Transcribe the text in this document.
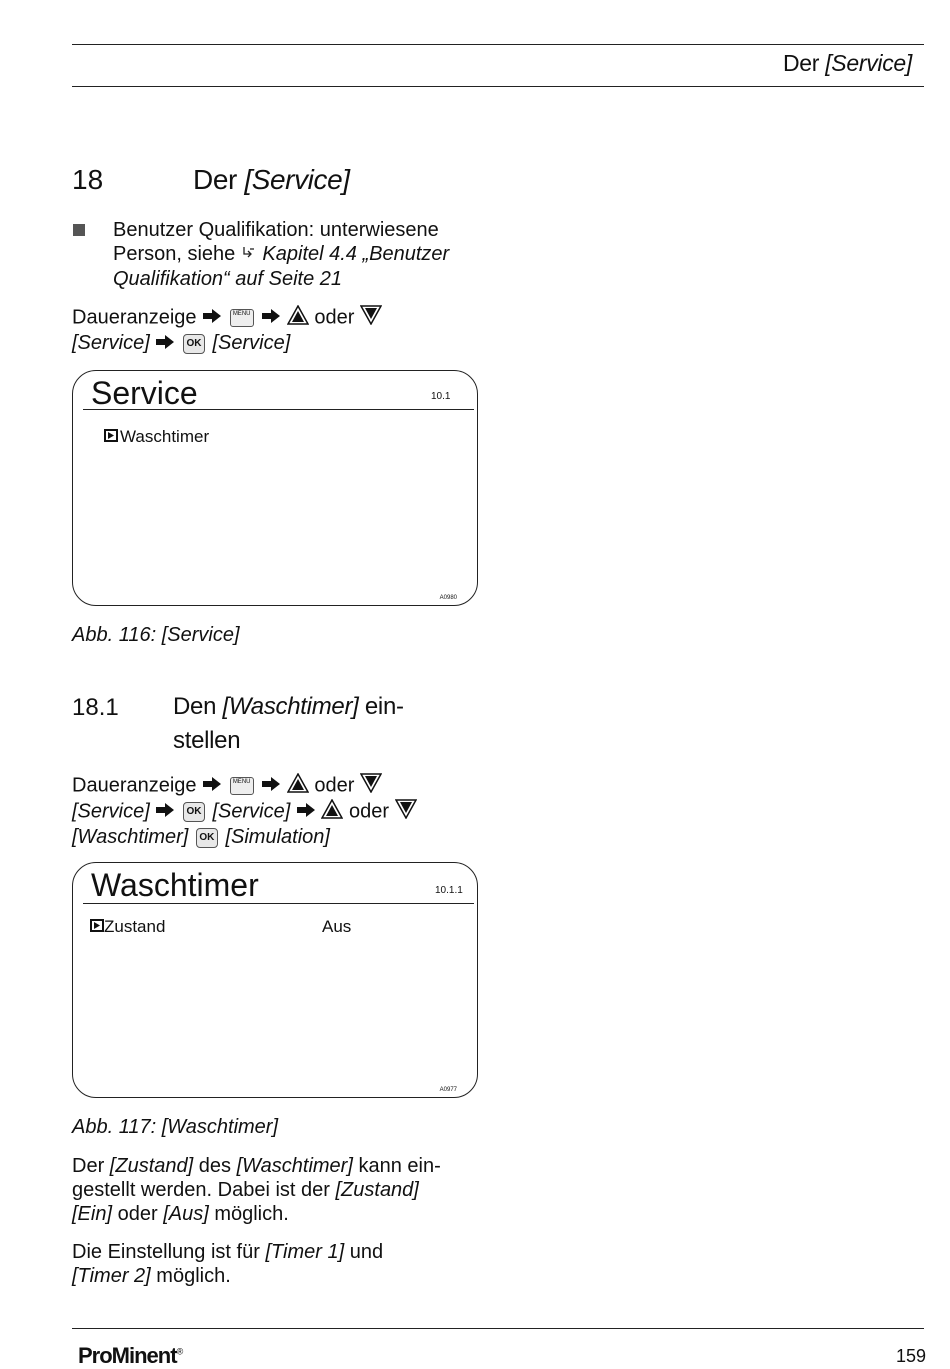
Der [Service]
18	Der [Service]
Benutzer Qualifikation: unterwiesene Person, siehe Kapitel 4.4 „Benutzer Qualifikation“ auf Seite 21
Daueranzeige	MENU	oder
[Service]	OK [Service]
Service	10.1
Waschtimer
A0980
Abb. 116: [Service]
18.1 Den [Waschtimer] ein-
stellen
Daueranzeige	MENU	oder
[Service]	OK [Service]	oder
[Waschtimer] OK [Simulation]
Waschtimer	10.1.1
Zustand	Aus
A0977
Abb. 117: [Waschtimer]
Der [Zustand] des [Waschtimer] kann ein-
gestellt werden. Dabei ist der [Zustand]
[Ein] oder [Aus] möglich.
Die Einstellung ist für [Timer 1] und
[Timer 2] möglich.
ProMinent®	159
